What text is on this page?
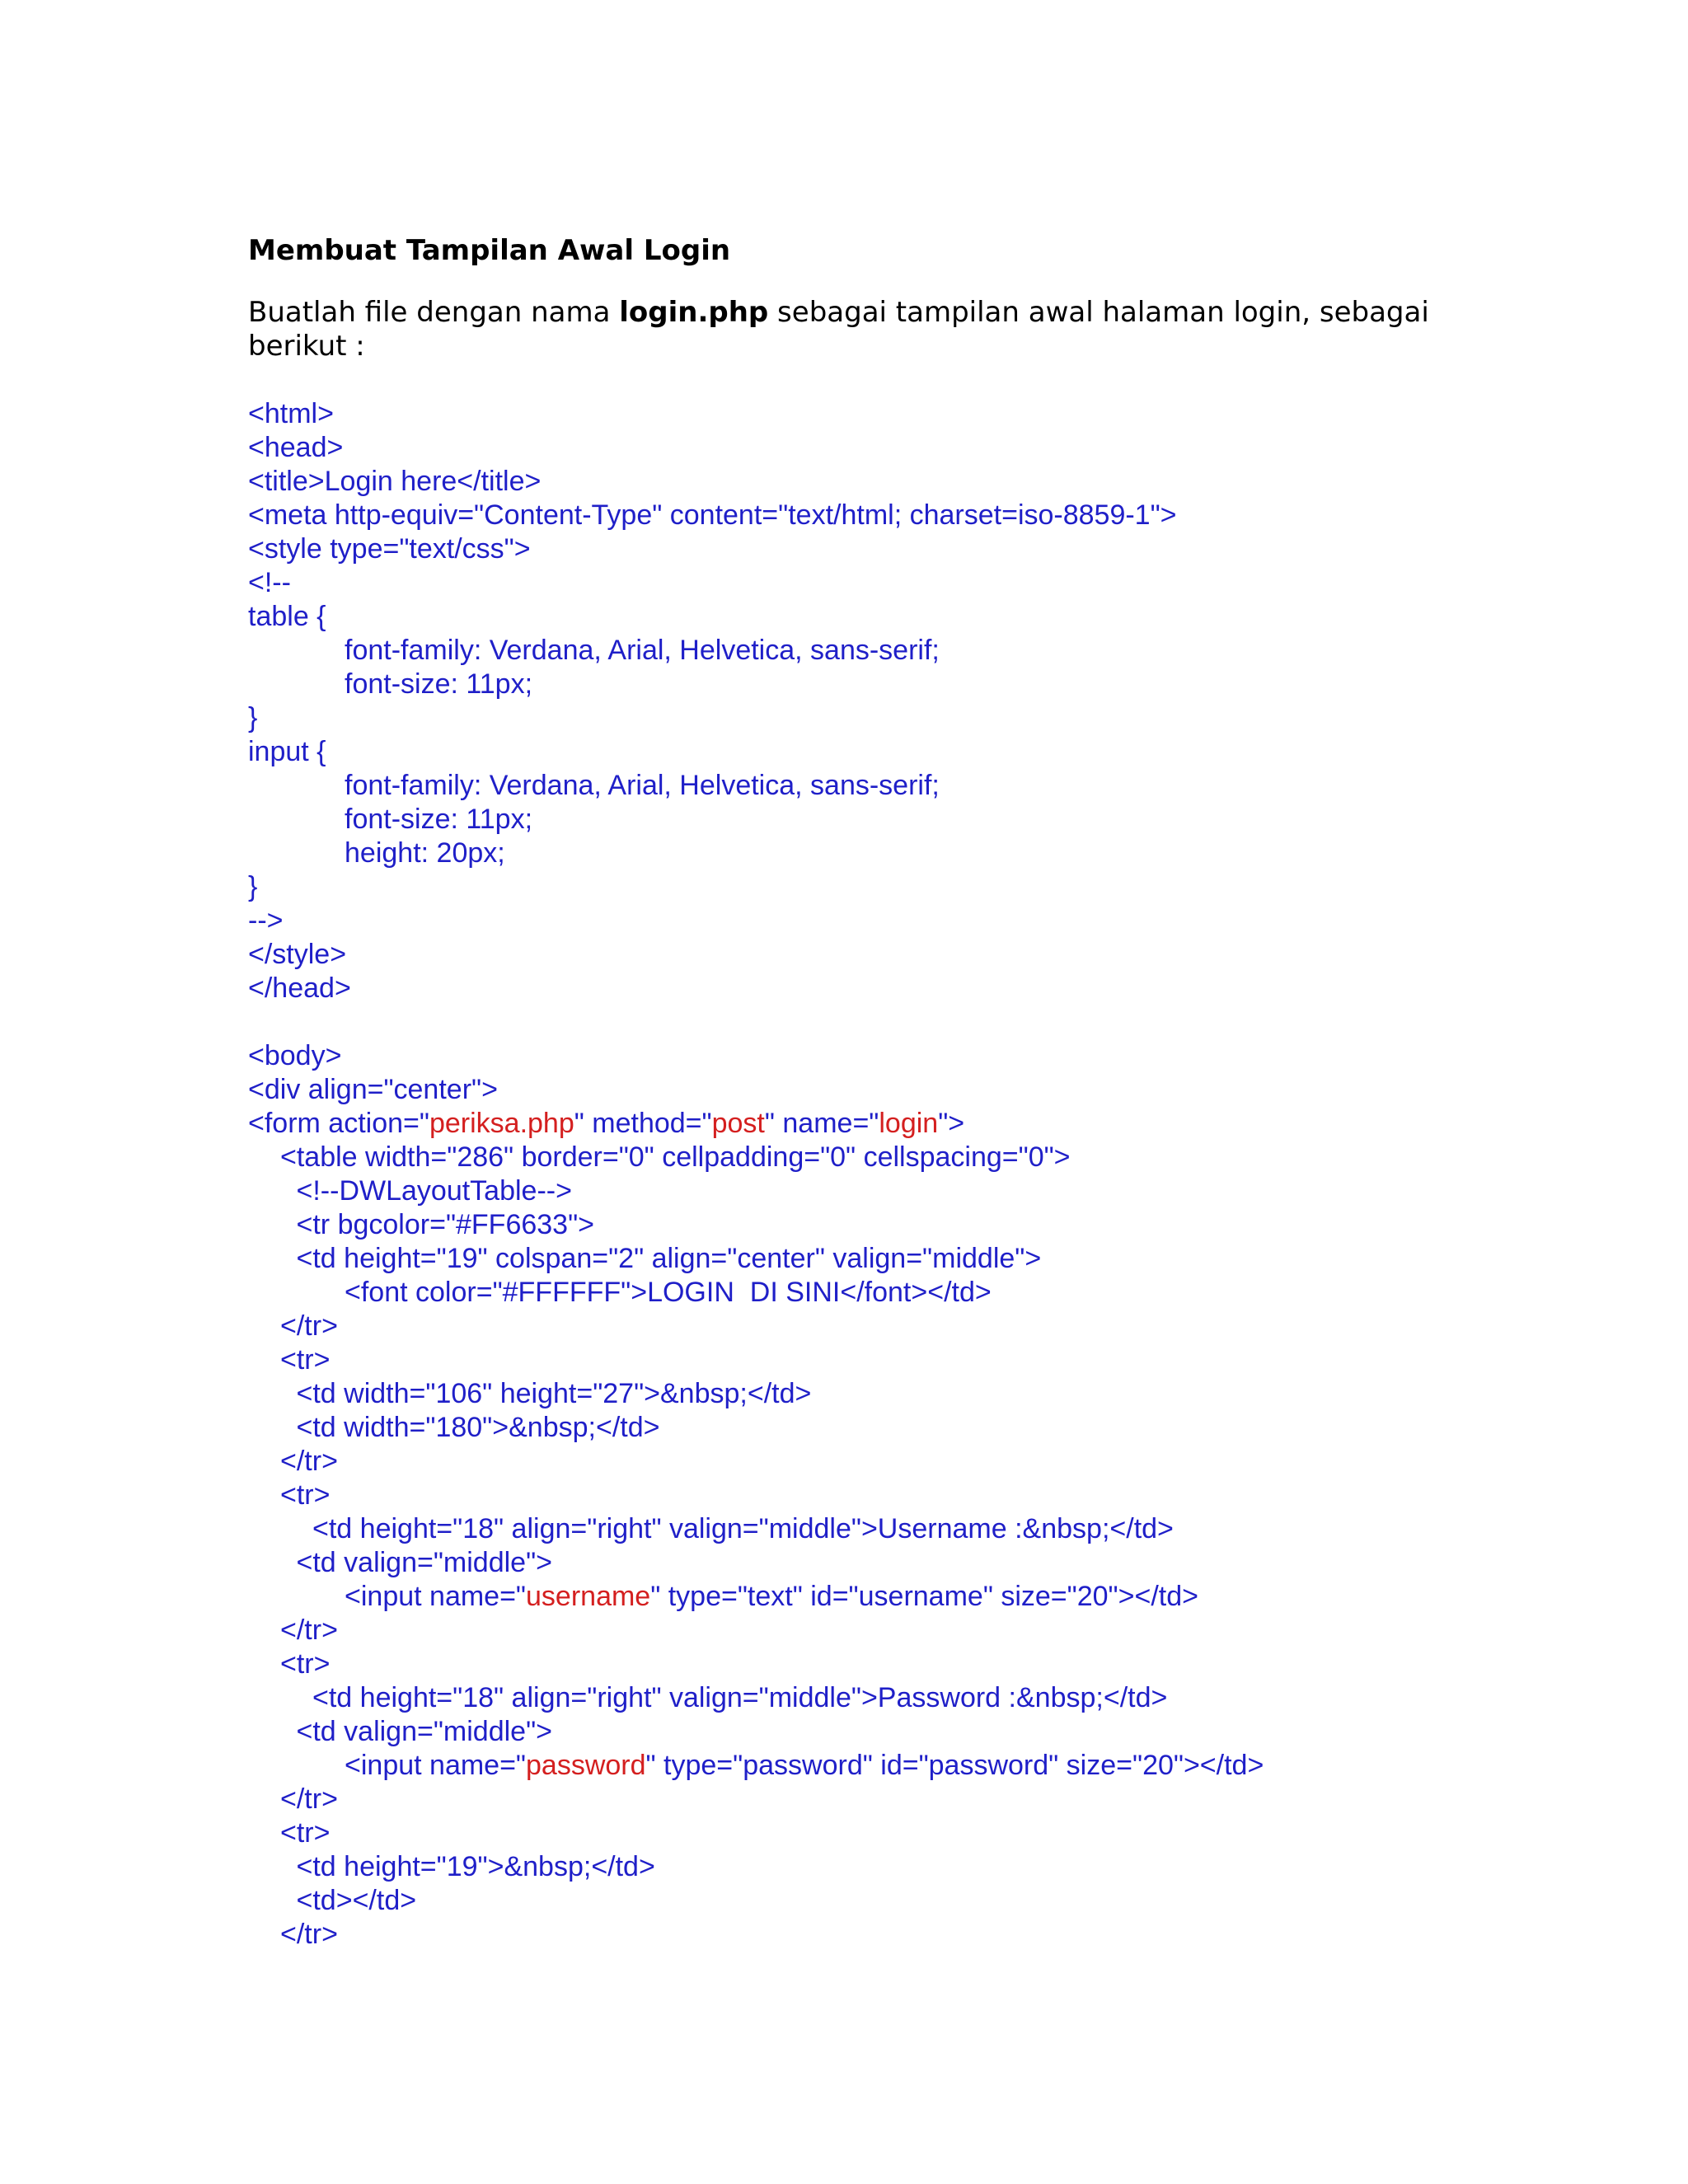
Membuat Tampilan Awal Login

Buatlah file dengan nama login.php sebagai tampilan awal halaman login, sebagai berikut :

<html>
<head>
<title>Login here</title>
<meta http-equiv="Content-Type" content="text/html; charset=iso-8859-1">
<style type="text/css">
<!--
table {
font-family: Verdana, Arial, Helvetica, sans-serif;
font-size: 11px;
}
input {
font-family: Verdana, Arial, Helvetica, sans-serif;
font-size: 11px;
height: 20px;
}
-->
</style>
</head>
<body>
<div align="center">
<form action="periksa.php" method="post" name="login">
<table width="286" border="0" cellpadding="0" cellspacing="0">
<!--DWLayoutTable-->
<tr bgcolor="#FF6633">
<td height="19" colspan="2" align="center" valign="middle">
<font color="#FFFFFF">LOGIN  DI SINI</font></td>
</tr>
<tr>
<td width="106" height="27">&nbsp;</td>
<td width="180">&nbsp;</td>
</tr>
<tr>
<td height="18" align="right" valign="middle">Username :&nbsp;</td>
<td valign="middle">
<input name="username" type="text" id="username" size="20"></td>
</tr>
<tr>
<td height="18" align="right" valign="middle">Password :&nbsp;</td>
<td valign="middle">
<input name="password" type="password" id="password" size="20"></td>
</tr>
<tr>
<td height="19">&nbsp;</td>
<td></td>
</tr>
